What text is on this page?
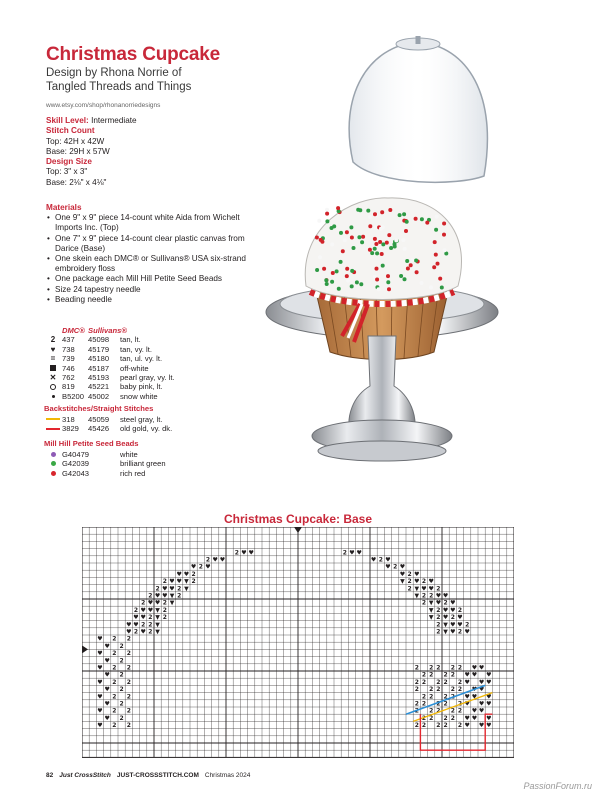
Christmas Cupcake
Design by Rhona Norrie of
Tangled Threads and Things
www.etsy.com/shop/rhonanorriedesigns
Skill Level: Intermediate
Stitch Count
Top: 42H x 42W
Base: 29H x 57W
Design Size
Top: 3" x 3"
Base: 2⅛" x 4⅛"
Materials
• One 9" x 9" piece 14-count white Aida from Wichelt Imports Inc. (Top)
• One 7" x 9" piece 14-count clear plastic canvas from Darice (Base)
• One skein each DMC® or Sullivans® USA six-strand embroidery floss
• One package each Mill Hill Petite Seed Beads
• Size 24 tapestry needle
• Beading needle
DMC® Sullivans®
2 437	45098	tan, lt.
♥ 738	45179	tan, vy. lt.
= 739	45180	tan, ul. vy. lt.
746	45187	off-white
✕ 762	45193	pearl gray, vy. lt.
819	45221	baby pink, lt.
B5200 45002	snow white
Backstitches/Straight Stitches
318	45059	steel gray, lt.
3829	45426	old gold, vy. dk.
Mill Hill Petite Seed Beads
G40479	white
G42039	brilliant green
G42043	rich red
Christmas Cupcake: Base
2 ♥ ♥	2 ♥ ♥
2 ♥ ♥	♥ 2 ♥
♥ 2 ♥	♥ 2 ♥
♥ ♥ 2	♥ 2 ♥
2 ♥ ♥ ▼ 2	▼ 2 ♥ 2 ♥
2 ♥ ♥ 2 ▼	2 ▼ ♥ ♥ 2
2 ♥ ♥ ▼ 2	▼ 2 2 ♥ ♥
2 ♥ ♥ 2 ▼	2 ▼ ♥ 2 ♥
2 ♥ ♥ ▼ 2	▼ 2 ♥ ♥ 2
♥ ♥ 2 ▼ 2	▼ 2 ♥ 2 ♥
♥ ♥ 2 2 ▼	2 ▼ ♥ ♥ 2
♥ 2 ♥ 2 ▼	2 ▼ ♥ 2 ♥
♥ 2 2
♥ 2
♥ 2 2
♥ 2
♥ 2 2	2 2 2 2 2 ♥ ♥
♥ 2	2 2 2 2 ♥ ♥ ♥
♥ 2 2	2 2 2 2 2 ♥ ♥ ♥
♥ 2	2 2 2 2 2 ♥ ♥
♥ 2 2	2 2 2 2 ♥ ♥ ♥
♥ 2	2 2 2 2 2 ♥ ♥ ♥
♥ 2 2	2 2 2 2 2 ♥ ♥
♥ 2	2 2 2 2 ♥ ♥ ♥
♥ 2 2	2 2 2 2 2 ♥ ♥ ♥
82 Just CrossStitch JUST-CROSSSTITCH.COM Christmas 2024
PassionForum.ru
